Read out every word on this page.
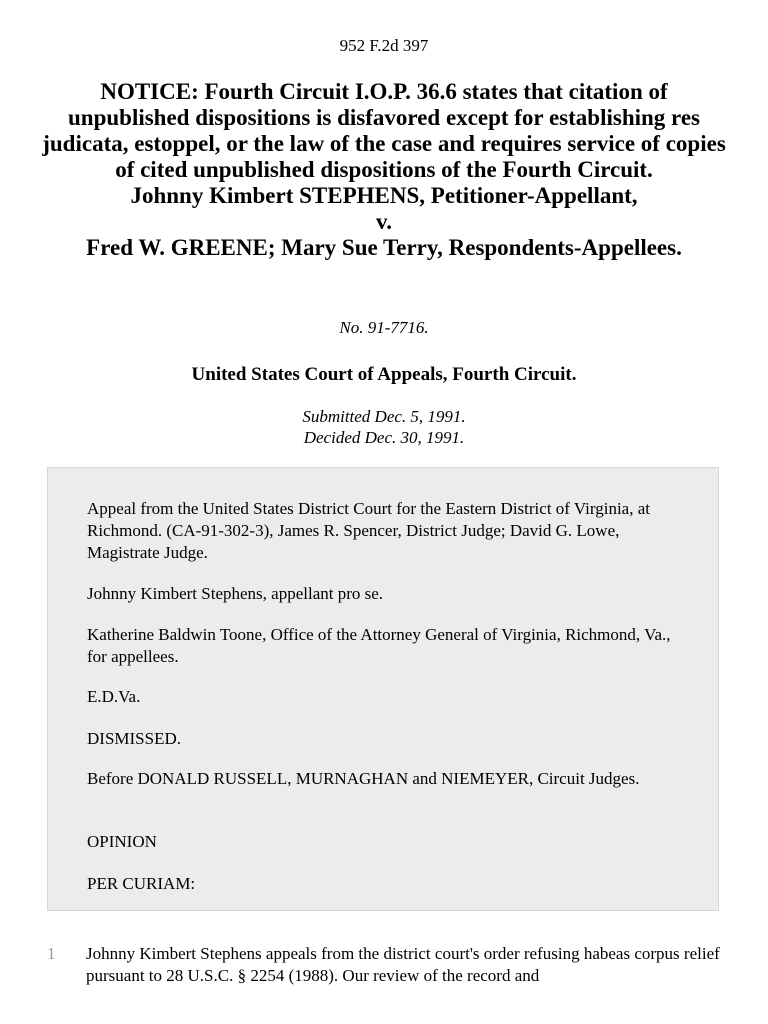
952 F.2d 397
NOTICE: Fourth Circuit I.O.P. 36.6 states that citation of unpublished dispositions is disfavored except for establishing res judicata, estoppel, or the law of the case and requires service of copies of cited unpublished dispositions of the Fourth Circuit.
Johnny Kimbert STEPHENS, Petitioner-Appellant,
v.
Fred W. GREENE; Mary Sue Terry, Respondents-Appellees.
No. 91-7716.
United States Court of Appeals, Fourth Circuit.
Submitted Dec. 5, 1991.
Decided Dec. 30, 1991.

Appeal from the United States District Court for the Eastern District of Virginia, at Richmond. (CA-91-302-3), James R. Spencer, District Judge; David G. Lowe, Magistrate Judge.

Johnny Kimbert Stephens, appellant pro se.

Katherine Baldwin Toone, Office of the Attorney General of Virginia, Richmond, Va., for appellees.

E.D.Va.

DISMISSED.

Before DONALD RUSSELL, MURNAGHAN and NIEMEYER, Circuit Judges.

OPINION

PER CURIAM:

1 Johnny Kimbert Stephens appeals from the district court's order refusing habeas corpus relief pursuant to 28 U.S.C. § 2254 (1988). Our review of the record and
